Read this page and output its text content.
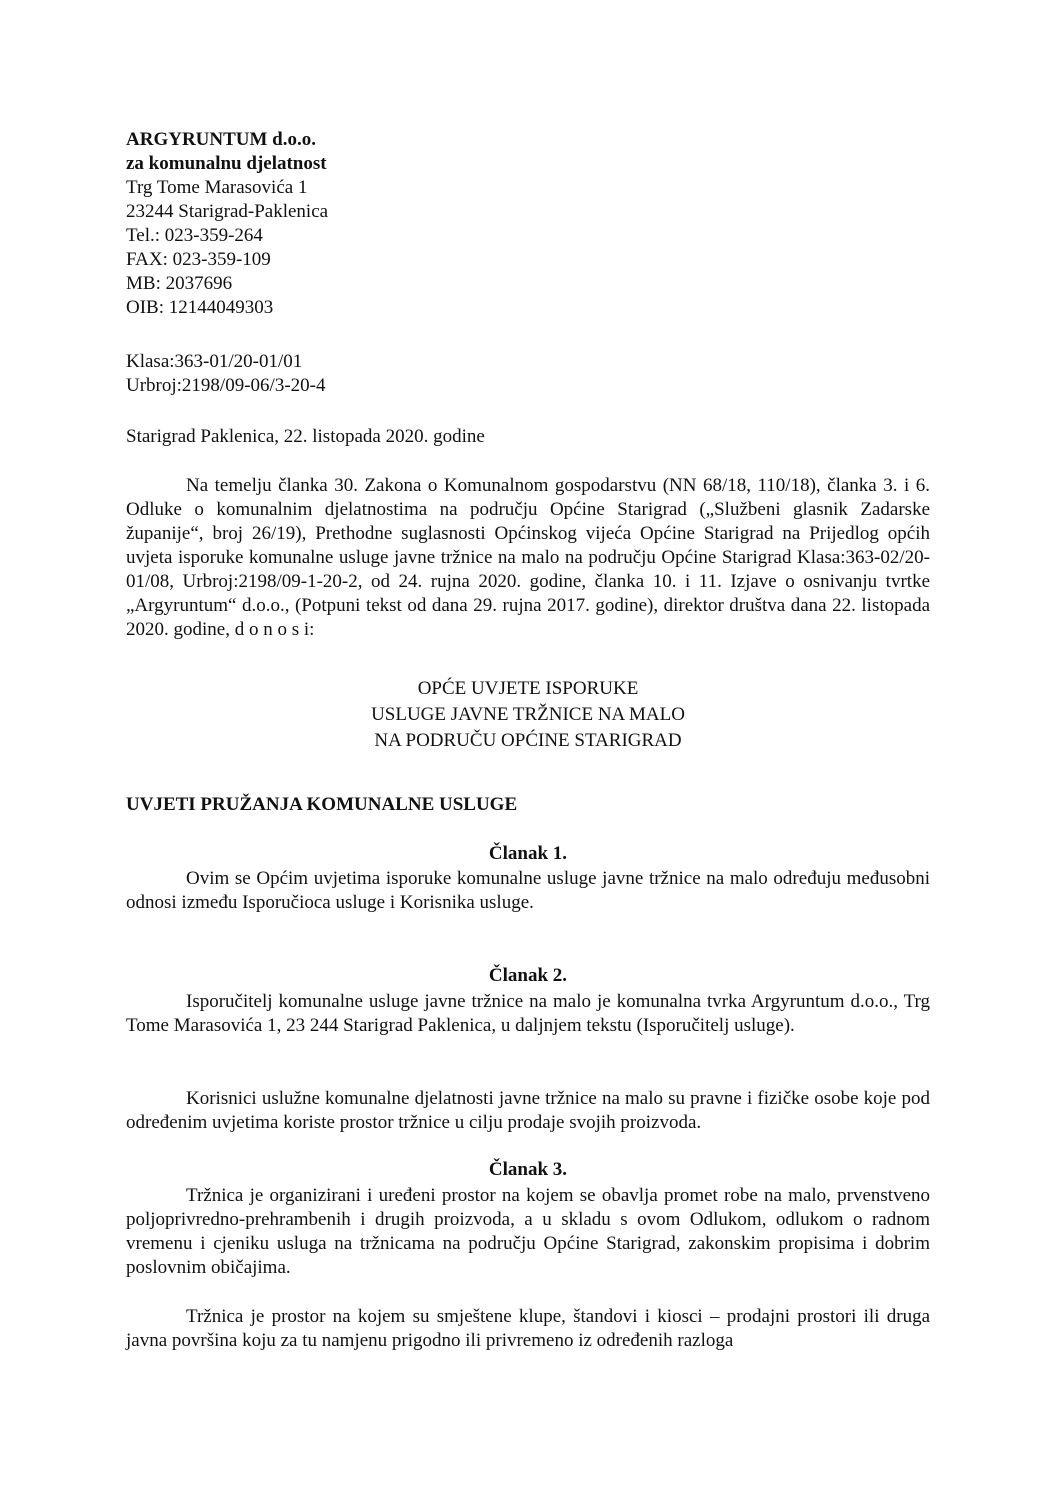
ARGYRUNTUM d.o.o.
za komunalnu djelatnost
Trg Tome Marasovića 1
23244 Starigrad-Paklenica
Tel.: 023-359-264
FAX: 023-359-109
MB: 2037696
OIB: 12144049303
Klasa:363-01/20-01/01
Urbroj:2198/09-06/3-20-4
Starigrad Paklenica, 22. listopada 2020. godine

Na temelju članka 30. Zakona o Komunalnom gospodarstvu (NN 68/18, 110/18), članka 3. i 6. Odluke o komunalnim djelatnostima na području Općine Starigrad („Službeni glasnik Zadarske županije“, broj 26/19), Prethodne suglasnosti Općinskog vijeća Općine Starigrad na Prijedlog općih uvjeta isporuke komunalne usluge javne tržnice na malo na području Općine Starigrad Klasa:363-02/20-01/08, Urbroj:2198/09-1-20-2, od 24. rujna 2020. godine, članka 10. i 11. Izjave o osnivanju tvrtke „Argyruntum“ d.o.o., (Potpuni tekst od dana 29. rujna 2017. godine), direktor društva dana 22. listopada 2020. godine, d o n o s i:

OPĆE UVJETE ISPORUKE
USLUGE JAVNE TRŽNICE NA MALO
NA PODRUČU OPĆINE STARIGRAD
UVJETI PRUŽANJA KOMUNALNE USLUGE
Članak 1.

Ovim se Općim uvjetima isporuke komunalne usluge javne tržnice na malo određuju međusobni odnosi između Isporučioca usluge i Korisnika usluge.

Članak 2.

Isporučitelj komunalne usluge javne tržnice na malo je komunalna tvrka Argyruntum d.o.o., Trg Tome Marasovića 1, 23 244 Starigrad Paklenica, u daljnjem tekstu (Isporučitelj usluge).

Korisnici uslužne komunalne djelatnosti javne tržnice na malo su pravne i fizičke osobe koje pod određenim uvjetima koriste prostor tržnice u cilju prodaje svojih proizvoda.

Članak 3.

Tržnica je organizirani i uređeni prostor na kojem se obavlja promet robe na malo, prvenstveno poljoprivredno-prehrambenih i drugih proizvoda, a u skladu s ovom Odlukom, odlukom o radnom vremenu i cjeniku usluga na tržnicama na području Općine Starigrad, zakonskim propisima i dobrim poslovnim običajima.

Tržnica je prostor na kojem su smještene klupe, štandovi i kiosci – prodajni prostori ili druga javna površina koju za tu namjenu prigodno ili privremeno iz određenih razloga
